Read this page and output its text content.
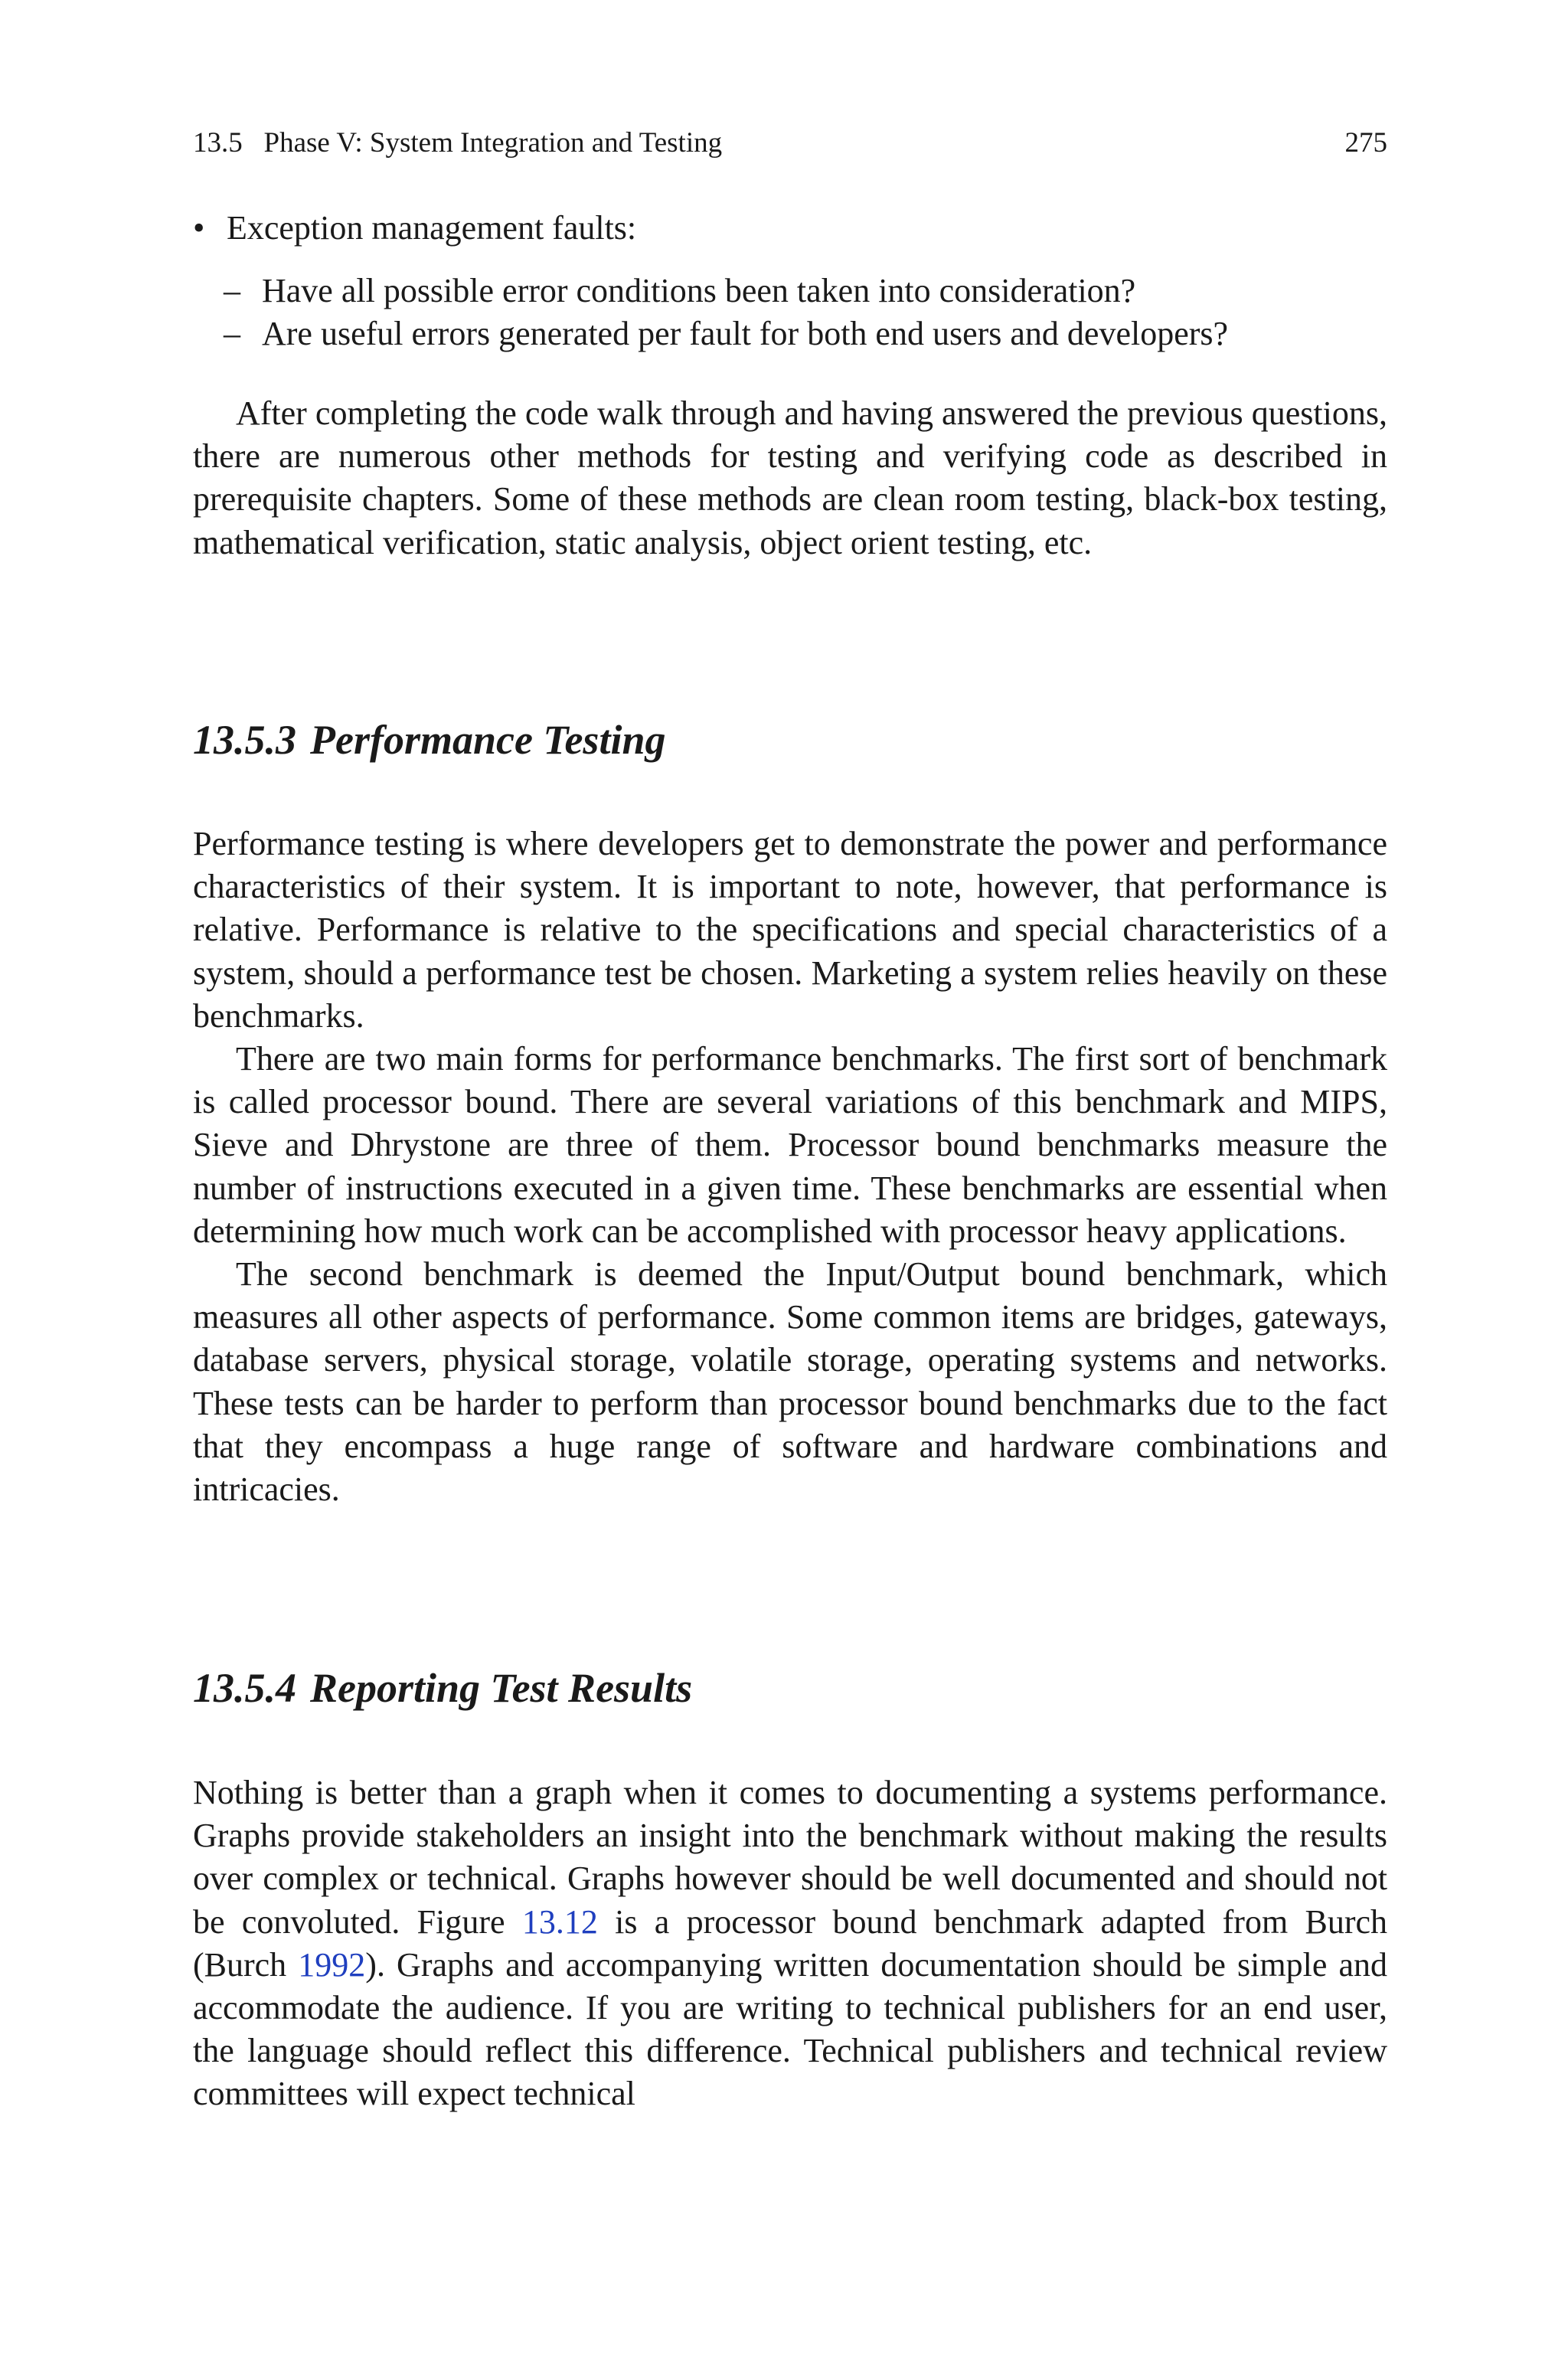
13.5 Phase V: System Integration and Testing	275
• Exception management faults:
– Have all possible error conditions been taken into consideration?
– Are useful errors generated per fault for both end users and developers?

After completing the code walk through and having answered the previous questions, there are numerous other methods for testing and verifying code as described in prerequisite chapters. Some of these methods are clean room testing, black-box testing, mathematical verification, static analysis, object orient testing, etc.

13.5.3 Performance Testing

Performance testing is where developers get to demonstrate the power and performance characteristics of their system. It is important to note, however, that performance is relative. Performance is relative to the specifications and special characteristics of a system, should a performance test be chosen. Marketing a system relies heavily on these benchmarks.

There are two main forms for performance benchmarks. The first sort of benchmark is called processor bound. There are several variations of this benchmark and MIPS, Sieve and Dhrystone are three of them. Processor bound benchmarks measure the number of instructions executed in a given time. These benchmarks are essential when determining how much work can be accomplished with processor heavy applications.

The second benchmark is deemed the Input/Output bound benchmark, which measures all other aspects of performance. Some common items are bridges, gateways, database servers, physical storage, volatile storage, operating systems and networks. These tests can be harder to perform than processor bound benchmarks due to the fact that they encompass a huge range of software and hardware combinations and intricacies.

13.5.4 Reporting Test Results

Nothing is better than a graph when it comes to documenting a systems performance. Graphs provide stakeholders an insight into the benchmark without making the results over complex or technical. Graphs however should be well documented and should not be convoluted. Figure 13.12 is a processor bound benchmark adapted from Burch (Burch 1992). Graphs and accompanying written documentation should be simple and accommodate the audience. If you are writing to technical publishers for an end user, the language should reflect this difference. Technical publishers and technical review committees will expect technical
